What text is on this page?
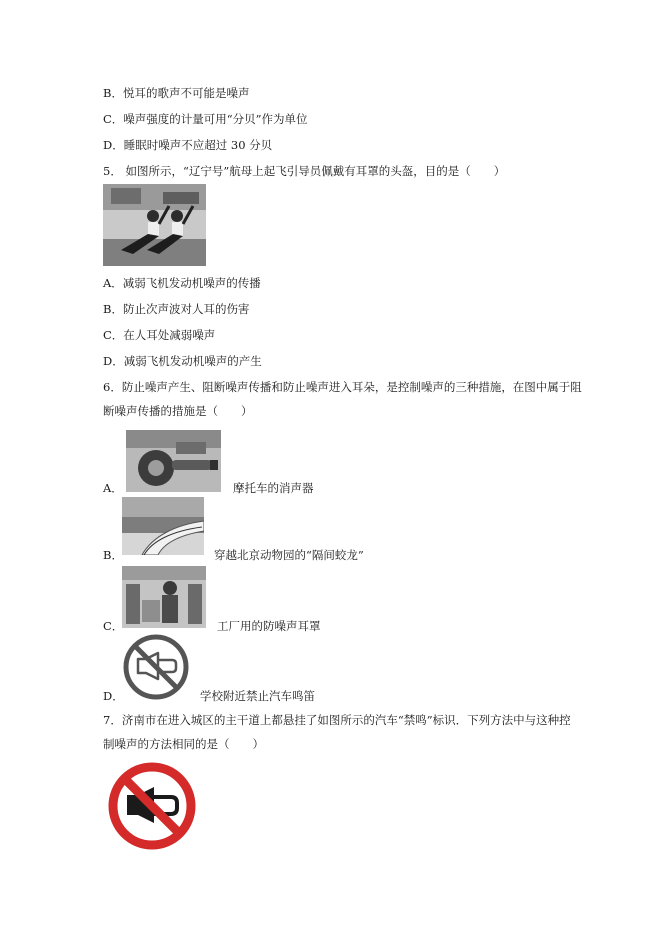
B．悦耳的歌声不可能是噪声
C．噪声强度的计量可用“分贝”作为单位
D．睡眠时噪声不应超过 30 分贝
5． 如图所示，“辽宁号”航母上起飞引导员佩戴有耳罩的头盔，目的是（　　）
A．减弱飞机发动机噪声的传播
B．防止次声波对人耳的伤害
C．在人耳处减弱噪声
D．减弱飞机发动机噪声的产生
6．防止噪声产生、阻断噪声传播和防止噪声进入耳朵，是控制噪声的三种措施，在图中属于阻
断噪声传播的措施是（　　）
A．	摩托车的消声器
B．	穿越北京动物园的“隔间蛟龙”
C．	工厂用的防噪声耳罩
D．	学校附近禁止汽车鸣笛
7．济南市在进入城区的主干道上都悬挂了如图所示的汽车“禁鸣”标识．下列方法中与这种控
制噪声的方法相同的是（　　）
